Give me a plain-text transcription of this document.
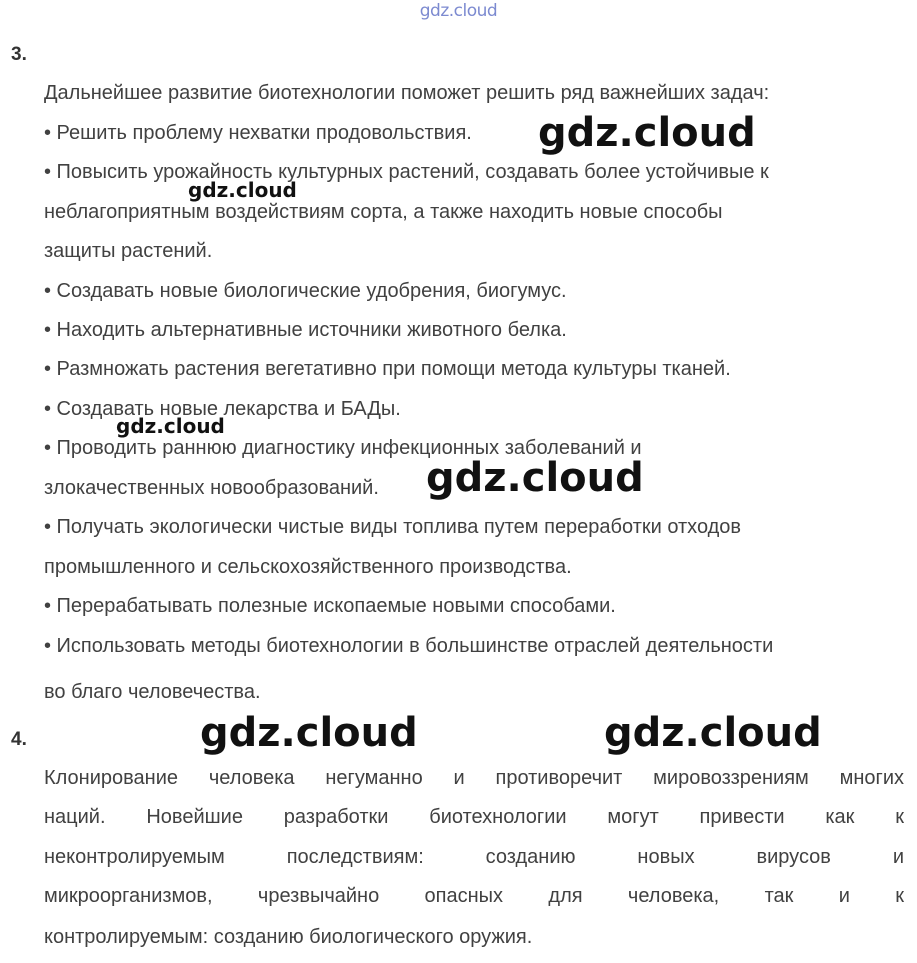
gdz.cloud
3.
Дальнейшее развитие биотехнологии поможет решить ряд важнейших задач:
• Решить проблему нехватки продовольствия.
• Повысить урожайность культурных растений, создавать более устойчивые к
неблагоприятным воздействиям сорта, а также находить новые способы
защиты растений.
• Создавать новые биологические удобрения, биогумус.
• Находить альтернативные источники животного белка.
• Размножать растения вегетативно при помощи метода культуры тканей.
• Создавать новые лекарства и БАДы.
• Проводить раннюю диагностику инфекционных заболеваний и
злокачественных новообразований.
• Получать экологически чистые виды топлива путем переработки отходов
промышленного и сельскохозяйственного производства.
• Перерабатывать полезные ископаемые новыми способами.
• Использовать методы биотехнологии в большинстве отраслей деятельности
во благо человечества.
4.
Клонирование человека негуманно и противоречит мировоззрениям многих
наций. Новейшие разработки биотехнологии могут привести как к
неконтролируемым последствиям: созданию новых вирусов и
микроорганизмов, чрезвычайно опасных для человека, так и к
контролируемым: созданию биологического оружия.
gdz.cloud
gdz.cloud
gdz.cloud
gdz.cloud
gdz.cloud	gdz.cloud
